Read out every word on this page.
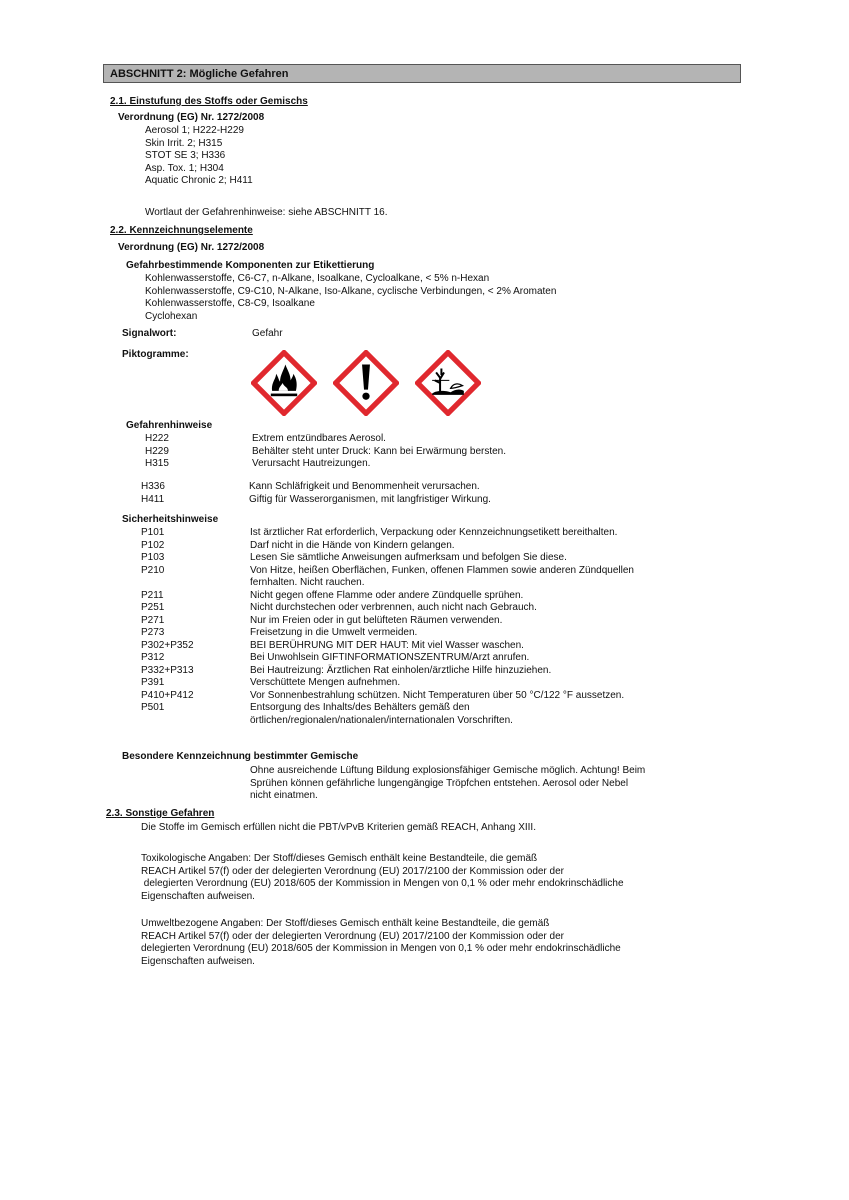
ABSCHNITT 2: Mögliche Gefahren
2.1. Einstufung des Stoffs oder Gemischs
Verordnung (EG) Nr. 1272/2008
Aerosol 1; H222-H229
Skin Irrit. 2; H315
STOT SE 3; H336
Asp. Tox. 1; H304
Aquatic Chronic 2; H411
Wortlaut der Gefahrenhinweise: siehe ABSCHNITT 16.
2.2. Kennzeichnungselemente
Verordnung (EG) Nr. 1272/2008
Gefahrbestimmende Komponenten zur Etikettierung
Kohlenwasserstoffe, C6-C7, n-Alkane, Isoalkane, Cycloalkane, < 5% n-Hexan
Kohlenwasserstoffe, C9-C10, N-Alkane, Iso-Alkane, cyclische Verbindungen, < 2% Aromaten
Kohlenwasserstoffe, C8-C9, Isoalkane
Cyclohexan
Signalwort:	Gefahr
Piktogramme:
Gefahrenhinweise
H222	Extrem entzündbares Aerosol.
H229	Behälter steht unter Druck: Kann bei Erwärmung bersten.
H315	Verursacht Hautreizungen.
H336	Kann Schläfrigkeit und Benommenheit verursachen.
H411	Giftig für Wasserorganismen, mit langfristiger Wirkung.
Sicherheitshinweise
P101	Ist ärztlicher Rat erforderlich, Verpackung oder Kennzeichnungsetikett bereithalten.
P102	Darf nicht in die Hände von Kindern gelangen.
P103	Lesen Sie sämtliche Anweisungen aufmerksam und befolgen Sie diese.
P210	Von Hitze, heißen Oberflächen, Funken, offenen Flammen sowie anderen Zündquellen
fernhalten. Nicht rauchen.
P211	Nicht gegen offene Flamme oder andere Zündquelle sprühen.
P251	Nicht durchstechen oder verbrennen, auch nicht nach Gebrauch.
P271	Nur im Freien oder in gut belüfteten Räumen verwenden.
P273	Freisetzung in die Umwelt vermeiden.
P302+P352	BEI BERÜHRUNG MIT DER HAUT: Mit viel Wasser waschen.
P312	Bei Unwohlsein GIFTINFORMATIONSZENTRUM/Arzt anrufen.
P332+P313	Bei Hautreizung: Ärztlichen Rat einholen/ärztliche Hilfe hinzuziehen.
P391	Verschüttete Mengen aufnehmen.
P410+P412	Vor Sonnenbestrahlung schützen. Nicht Temperaturen über 50 °C/122 °F aussetzen.
P501	Entsorgung des Inhalts/des Behälters gemäß den
örtlichen/regionalen/nationalen/internationalen Vorschriften.
Besondere Kennzeichnung bestimmter Gemische
Ohne ausreichende Lüftung Bildung explosionsfähiger Gemische möglich. Achtung! Beim
Sprühen können gefährliche lungengängige Tröpfchen entstehen. Aerosol oder Nebel
nicht einatmen.
2.3. Sonstige Gefahren
Die Stoffe im Gemisch erfüllen nicht die PBT/vPvB Kriterien gemäß REACH, Anhang XIII.
Toxikologische Angaben: Der Stoff/dieses Gemisch enthält keine Bestandteile, die gemäß
REACH Artikel 57(f) oder der delegierten Verordnung (EU) 2017/2100 der Kommission oder der
delegierten Verordnung (EU) 2018/605 der Kommission in Mengen von 0,1 % oder mehr endokrinschädliche
Eigenschaften aufweisen.
Umweltbezogene Angaben: Der Stoff/dieses Gemisch enthält keine Bestandteile, die gemäß
REACH Artikel 57(f) oder der delegierten Verordnung (EU) 2017/2100 der Kommission oder der
delegierten Verordnung (EU) 2018/605 der Kommission in Mengen von 0,1 % oder mehr endokrinschädliche
Eigenschaften aufweisen.
